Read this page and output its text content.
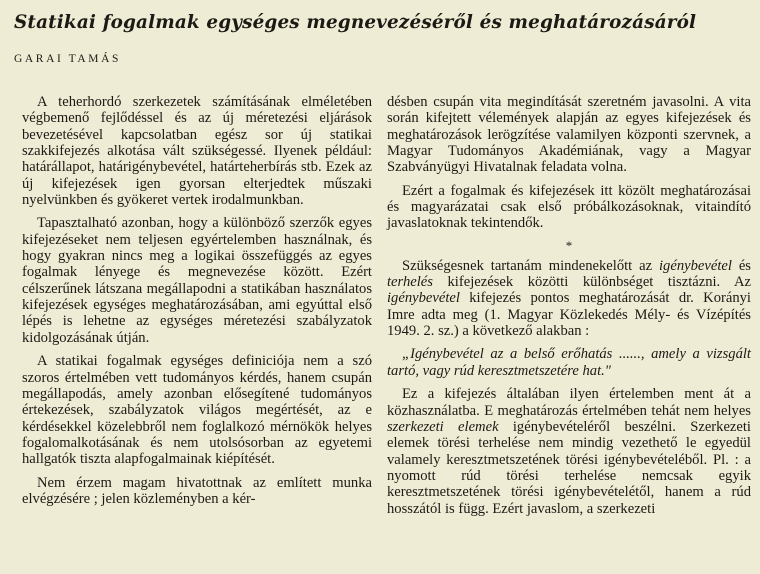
Statikai fogalmak egységes megnevezéséről és meghatározásáról
GARAI TAMÁS

A teherhordó szerkezetek számításának elméletében végbemenő fejlődéssel és az új méretezési eljárások bevezetésével kapcsolatban egész sor új statikai szakkifejezés alkotása vált szükségessé. Ilyenek például: határállapot, határigénybevétel, határteherbírás stb. Ezek az új kifejezések igen gyorsan elterjedtek műszaki nyelvünkben és gyökeret vertek irodalmunkban.

Tapasztalható azonban, hogy a különböző szerzők egyes kifejezéseket nem teljesen egyértelemben használnak, és hogy gyakran nincs meg a logikai összefüggés az egyes fogalmak lényege és megnevezése között. Ezért célszerűnek látszana megállapodni a statikában használatos kifejezések egységes meghatározásában, ami egyúttal első lépés is lehetne az egységes méretezési szabályzatok kidolgozásának útján.

A statikai fogalmak egységes definiciója nem a szó szoros értelmében vett tudományos kérdés, hanem csupán megállapodás, amely azonban elősegítené tudományos értekezések, szabályzatok világos megértését, az e kérdésekkel közelebbről nem foglalkozó mérnökök helyes fogalomalkotásának és nem utolsósorban az egyetemi hallgatók tiszta alapfogalmainak kiépítését.

Nem érzem magam hivatottnak az említett munka elvégzésére ; jelen közleményben a kér-

désben csupán vita megindítását szeretném javasolni. A vita során kifejtett vélemények alapján az egyes kifejezések és meghatározások lerögzítése valamilyen központi szervnek, a Magyar Tudományos Akadémiának, vagy a Magyar Szabványügyi Hivatalnak feladata volna.

Ezért a fogalmak és kifejezések itt közölt meghatározásai és magyarázatai csak első próbálkozásoknak, vitaindító javaslatoknak tekintendők.

*

Szükségesnek tartanám mindenekelőtt az igénybevétel és terhelés kifejezések közötti különbséget tisztázni. Az igénybevétel kifejezés pontos meghatározását dr. Korányi Imre adta meg (1. Magyar Közlekedés Mély- és Vízépítés 1949. 2. sz.) a következő alakban :

„Igénybevétel az a belső erőhatás ......, amely a vizsgált tartó, vagy rúd keresztmetszetére hat."

Ez a kifejezés általában ilyen értelemben ment át a közhasználatba. E meghatározás értelmében tehát nem helyes szerkezeti elemek igénybevételéről beszélni. Szerkezeti elemek törési terhelése nem mindig vezethető le egyedül valamely keresztmetszetének törési igénybevételéből. Pl. : a nyomott rúd törési terhelése nemcsak egyik keresztmetszetének törési igénybevételétől, hanem a rúd hosszától is függ. Ezért javaslom, a szerkezeti
